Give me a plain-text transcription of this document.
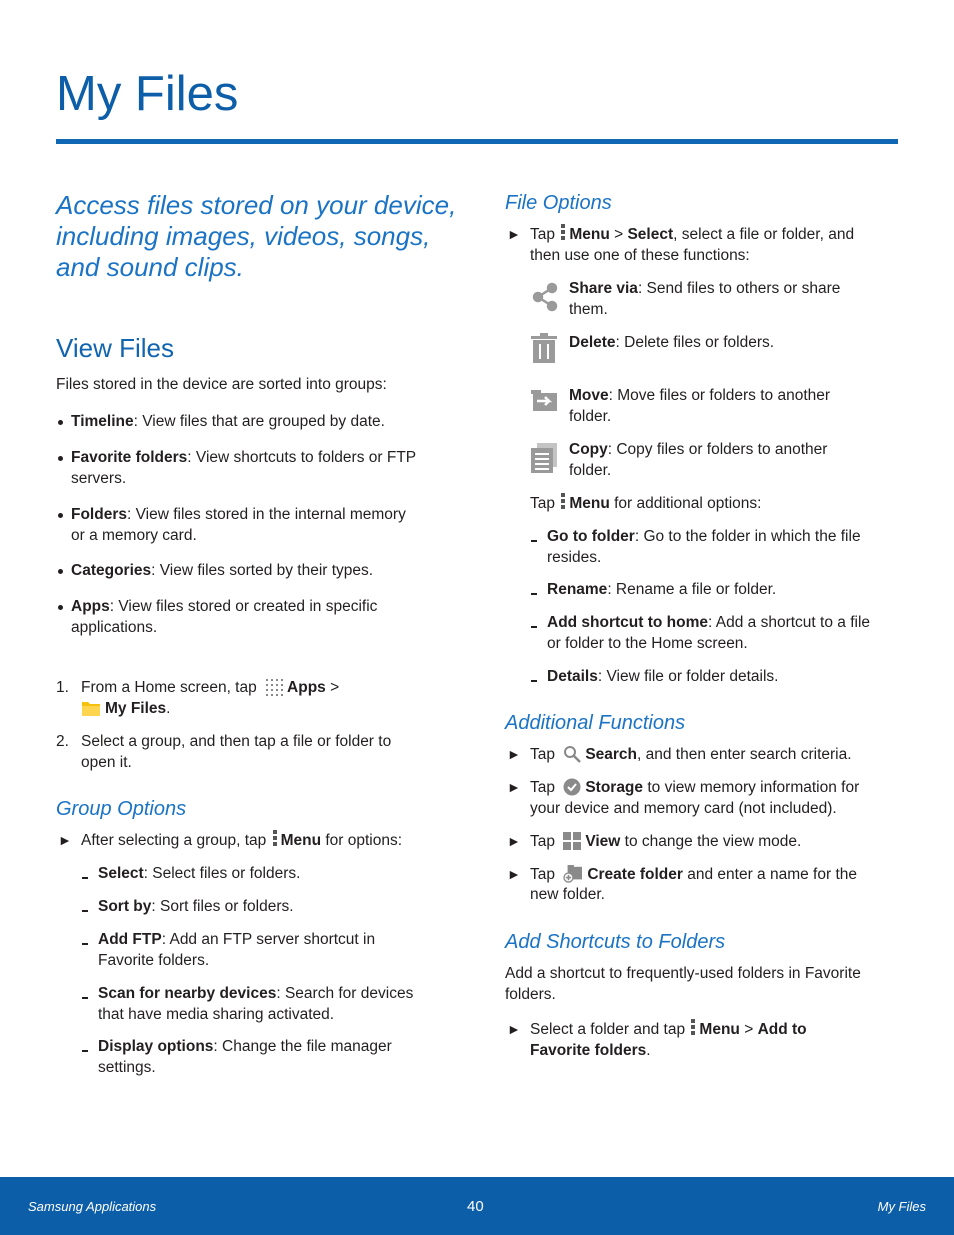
My Files
Access files stored on your device, including images, videos, songs, and sound clips.
View Files
Files stored in the device are sorted into groups:
Timeline: View files that are grouped by date.
Favorite folders: View shortcuts to folders or FTP
servers.
Folders: View files stored in the internal memory
or a memory card.
Categories: View files sorted by their types.
Apps: View files stored or created in specific
applications.
1. From a Home screen, tap Apps >
My Files.
2. Select a group, and then tap a file or folder to
open it.
Group Options
► After selecting a group, tap Menu for options:
Select: Select files or folders.
Sort by: Sort files or folders.
Add FTP: Add an FTP server shortcut in
Favorite folders.
Scan for nearby devices: Search for devices
that have media sharing activated.
Display options: Change the file manager
settings.
File Options
► Tap Menu > Select, select a file or folder, and
then use one of these functions:
Share via: Send files to others or share
them.
Delete: Delete files or folders.
Move: Move files or folders to another
folder.
Copy: Copy files or folders to another
folder.
Tap Menu for additional options:
Go to folder: Go to the folder in which the file
resides.
Rename: Rename a file or folder.
Add shortcut to home: Add a shortcut to a file
or folder to the Home screen.
Details: View file or folder details.
Additional Functions
► Tap Search, and then enter search criteria.
► Tap Storage to view memory information for
your device and memory card (not included).
► Tap View to change the view mode.
► Tap Create folder and enter a name for the
new folder.
Add Shortcuts to Folders
Add a shortcut to frequently-used folders in Favorite
folders.
► Select a folder and tap Menu > Add to
Favorite folders.
Samsung Applications	40	My Files
